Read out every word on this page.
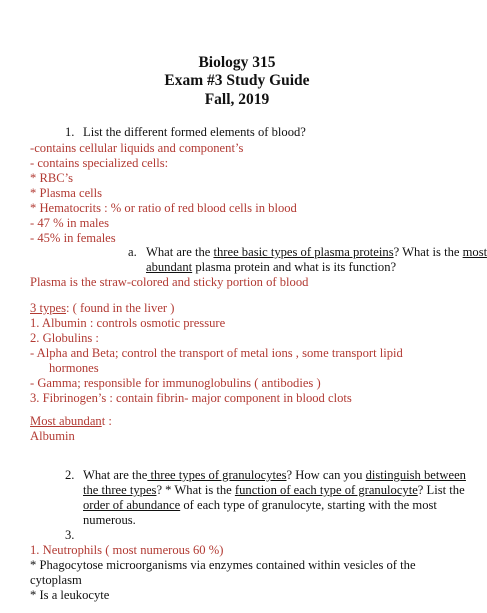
Biology 315
Exam #3 Study Guide
Fall, 2019
1. List the different formed elements of blood?
-contains cellular liquids and component’s
- contains specialized cells:
* RBC’s
* Plasma cells
* Hematocrits : % or ratio of red blood cells in blood
- 47 % in males
- 45% in females
a. What are the three basic types of plasma proteins? What is the most
abundant plasma protein and what is its function?
Plasma is the straw-colored and sticky portion of blood
3 types: ( found in the liver )
1. Albumin : controls osmotic pressure
2. Globulins :
- Alpha and Beta; control the transport of metal ions , some transport lipid
hormones
- Gamma; responsible for immunoglobulins ( antibodies )
3. Fibrinogen’s : contain fibrin- major component in blood clots
Most abundant :
Albumin
2. What are the three types of granulocytes? How can you distinguish between
the three types? * What is the function of each type of granulocyte? List the
order of abundance of each type of granulocyte, starting with the most
numerous.
3.
1. Neutrophils ( most numerous 60 %)
* Phagocytose microorganisms via enzymes contained within vesicles of the
cytoplasm
* Is a leukocyte
